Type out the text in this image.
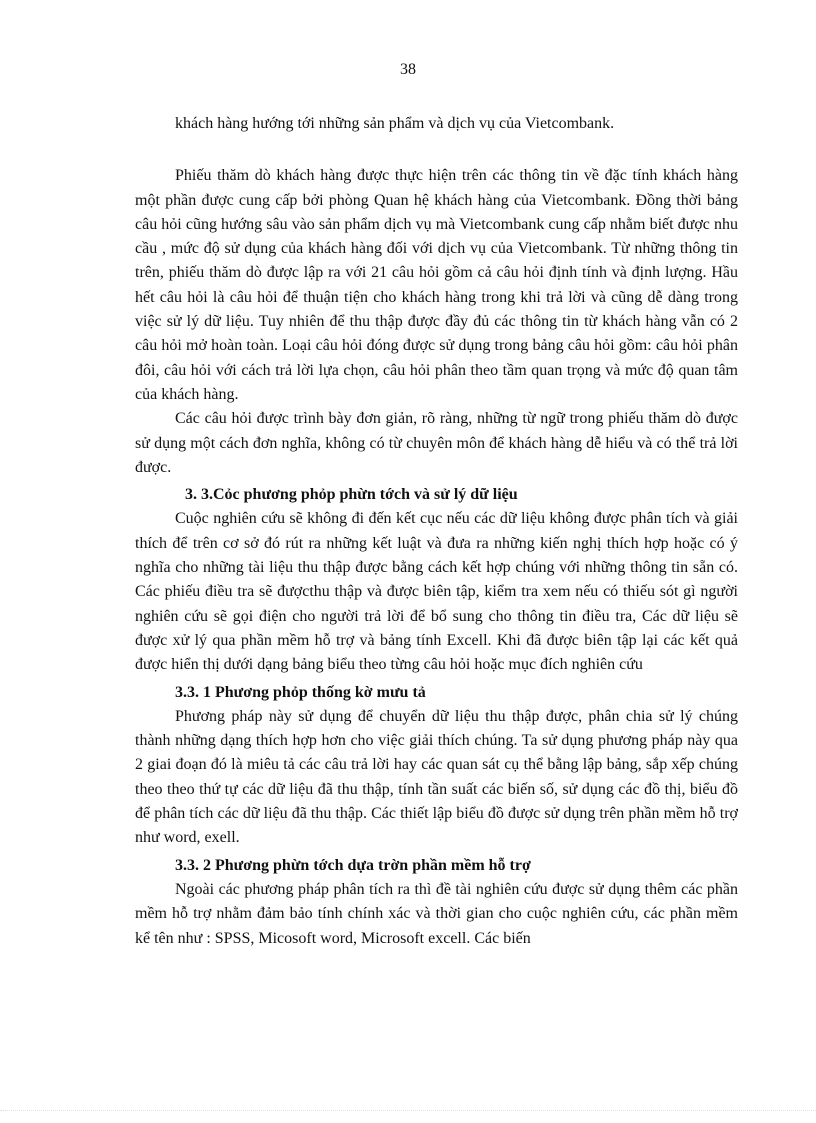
38

khách hàng hướng tới những sản phẩm và dịch vụ của Vietcombank.

Phiếu thăm dò khách hàng được thực hiện trên các thông tin về đặc tính khách hàng một phần được cung cấp bởi phòng Quan hệ khách hàng của Vietcombank. Đồng thời bảng câu hỏi cũng hướng sâu vào sản phẩm dịch vụ mà Vietcombank cung cấp nhằm biết được nhu cầu , mức độ sử dụng của khách hàng đối với dịch vụ của Vietcombank. Từ những thông tin trên, phiếu thăm dò được lập ra với 21 câu hỏi gồm cả câu hỏi định tính và định lượng. Hầu hết câu hỏi là câu hỏi để thuận tiện cho khách hàng trong khi trả lời và cũng dễ dàng trong việc sử lý dữ liệu. Tuy nhiên để thu thập được đầy đủ các thông tin từ khách hàng vẫn có 2 câu hỏi mở hoàn toàn. Loại câu hỏi đóng được sử dụng trong bảng câu hỏi gồm: câu hỏi phân đôi, câu hỏi với cách trả lời lựa chọn, câu hỏi phân theo tầm quan trọng và mức độ quan tâm của khách hàng.

Các câu hỏi được trình bày đơn giản, rõ ràng, những từ ngữ trong phiếu thăm dò được sử dụng một cách đơn nghĩa, không có từ chuyên môn để khách hàng dễ hiểu và có thể trả lời được.

3. 3.Cỏc phương phỏp phừn tớch và sử lý dữ liệu

Cuộc nghiên cứu sẽ không đi đến kết cục nếu các dữ liệu không được phân tích và giải thích để trên cơ sở đó rút ra những kết luật và đưa ra những kiến nghị thích hợp hoặc có ý nghĩa cho những tài liệu thu thập được bằng cách kết hợp chúng với những thông tin sẵn có. Các phiếu điều tra sẽ đượcthu thập và được biên tập, kiểm tra xem nếu có thiếu sót gì người nghiên cứu sẽ gọi điện cho người trả lời để bổ sung cho thông tin điều tra, Các dữ liệu sẽ được xử lý qua phần mềm hỗ trợ và bảng tính Excell. Khi đã được biên tập lại các kết quả được hiển thị dưới dạng bảng biểu theo từng câu hỏi hoặc mục đích nghiên cứu

3.3. 1 Phương phỏp thống kờ mưu tả

Phương pháp này sử dụng để chuyển dữ liệu thu thập được, phân chia sử lý chúng thành những dạng thích hợp hơn cho việc giải thích chúng. Ta sử dụng phương pháp này qua 2 giai đoạn đó là miêu tả các câu trả lời hay các quan sát cụ thể bằng lập bảng, sắp xếp chúng theo theo thứ tự các dữ liệu đã thu thập, tính tần suất các biến số, sử dụng các đồ thị, biểu đồ để phân tích các dữ liệu đã thu thập. Các thiết lập biểu đồ được sử dụng trên phần mềm hỗ trợ như word, exell.

3.3. 2 Phương phừn tớch dựa trờn phần mềm hỗ trợ

Ngoài các phương pháp phân tích ra thì đề tài nghiên cứu được sử dụng thêm các phần mềm hỗ trợ nhằm đảm bảo tính chính xác và thời gian cho cuộc nghiên cứu, các phần mềm kể tên như : SPSS, Micosoft word, Microsoft excell. Các biến
